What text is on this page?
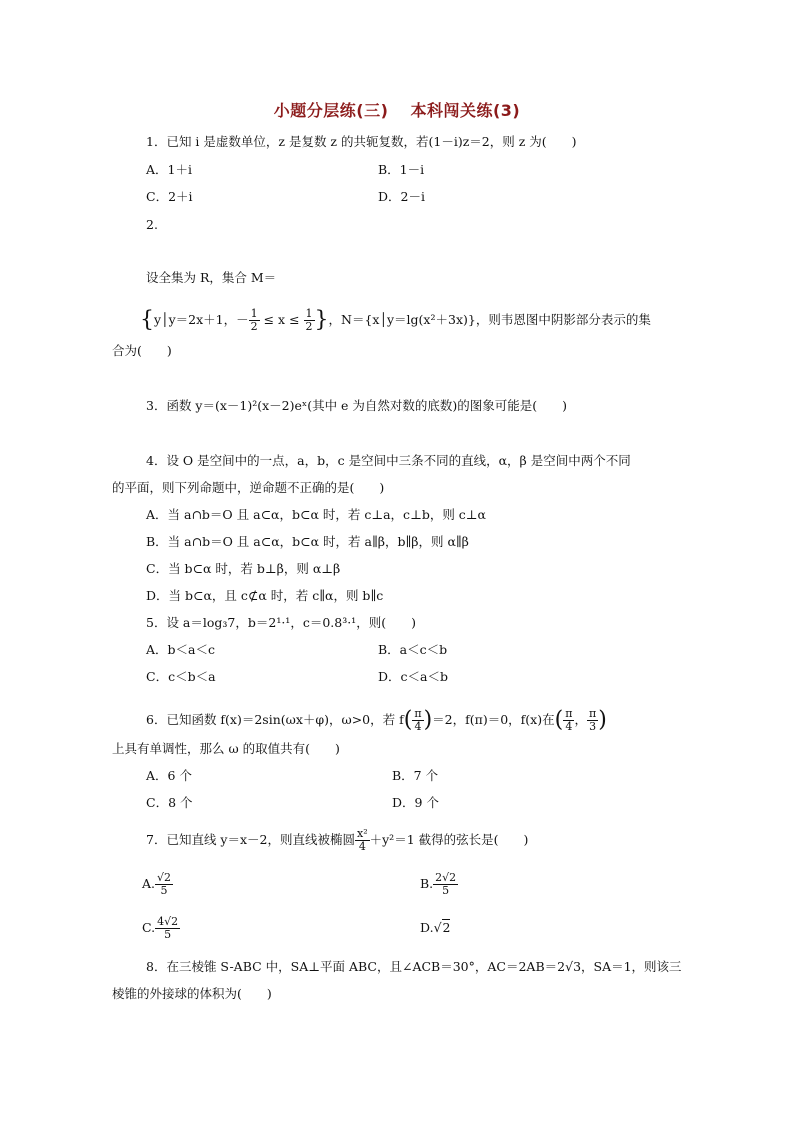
小题分层练(三) 本科闯关练(3)
1．已知 i 是虚数单位，z 是复数 z 的共轭复数，若(1－i)z＝2，则 z 为(　　)
A．1＋i	B．1－i
C．2＋i	D．2－i
2.
设全集为 R，集合 M＝
{y│y＝2x＋1，－ $\frac{1}{2} \le x \le \frac{1}{2}$ }，N＝{x│y＝lg(x²＋3x)}，则韦恩图中阴影部分表示的集
合为(　　)
3．函数 y＝(x－1)²(x－2)eˣ(其中 e 为自然对数的底数)的图象可能是(　　)
4．设 O 是空间中的一点，a，b，c 是空间中三条不同的直线，α，β 是空间中两个不同
的平面，则下列命题中，逆命题不正确的是(　　)
A．当 a∩b＝O 且 a⊂α，b⊂α 时，若 c⊥a，c⊥b，则 c⊥α
B．当 a∩b＝O 且 a⊂α，b⊂α 时，若 a∥β，b∥β，则 α∥β
C．当 b⊂α 时，若 b⊥β，则 α⊥β
D．当 b⊂α，且 c⊄α 时，若 c∥α，则 b∥c
5．设 a＝log₃7，b＝2¹·¹，c＝0.8³·¹，则(　　)
A．b＜a＜c	B．a＜c＜b
C．c＜b＜a	D．c＜a＜b
6．已知函数 f(x)＝2sin(ωx＋φ)，ω>0，若 $f( \frac{\pi}{4} )=2$，f(π)＝0，f(x)在( $\frac{\pi}{4}$ ， $\frac{\pi}{3}$ )
上具有单调性，那么 ω 的取值共有(　　)
A．6 个	B．7 个
C．8 个	D．9 个
7．已知直线 y＝x－2，则直线被椭圆 $\frac{\text{x²}}{4} +y^2=1$ 截得的弦长是(　　)
A. $\frac{√2}{5}$	B. $\frac{2√2}{5}$
C. $\frac{4√2}{5}$	D.√2
8．在三棱锥 S-ABC 中，SA⊥平面 ABC，且∠ACB＝30°，AC＝2AB＝2√3，SA＝1，则该三
棱锥的外接球的体积为(　　)
